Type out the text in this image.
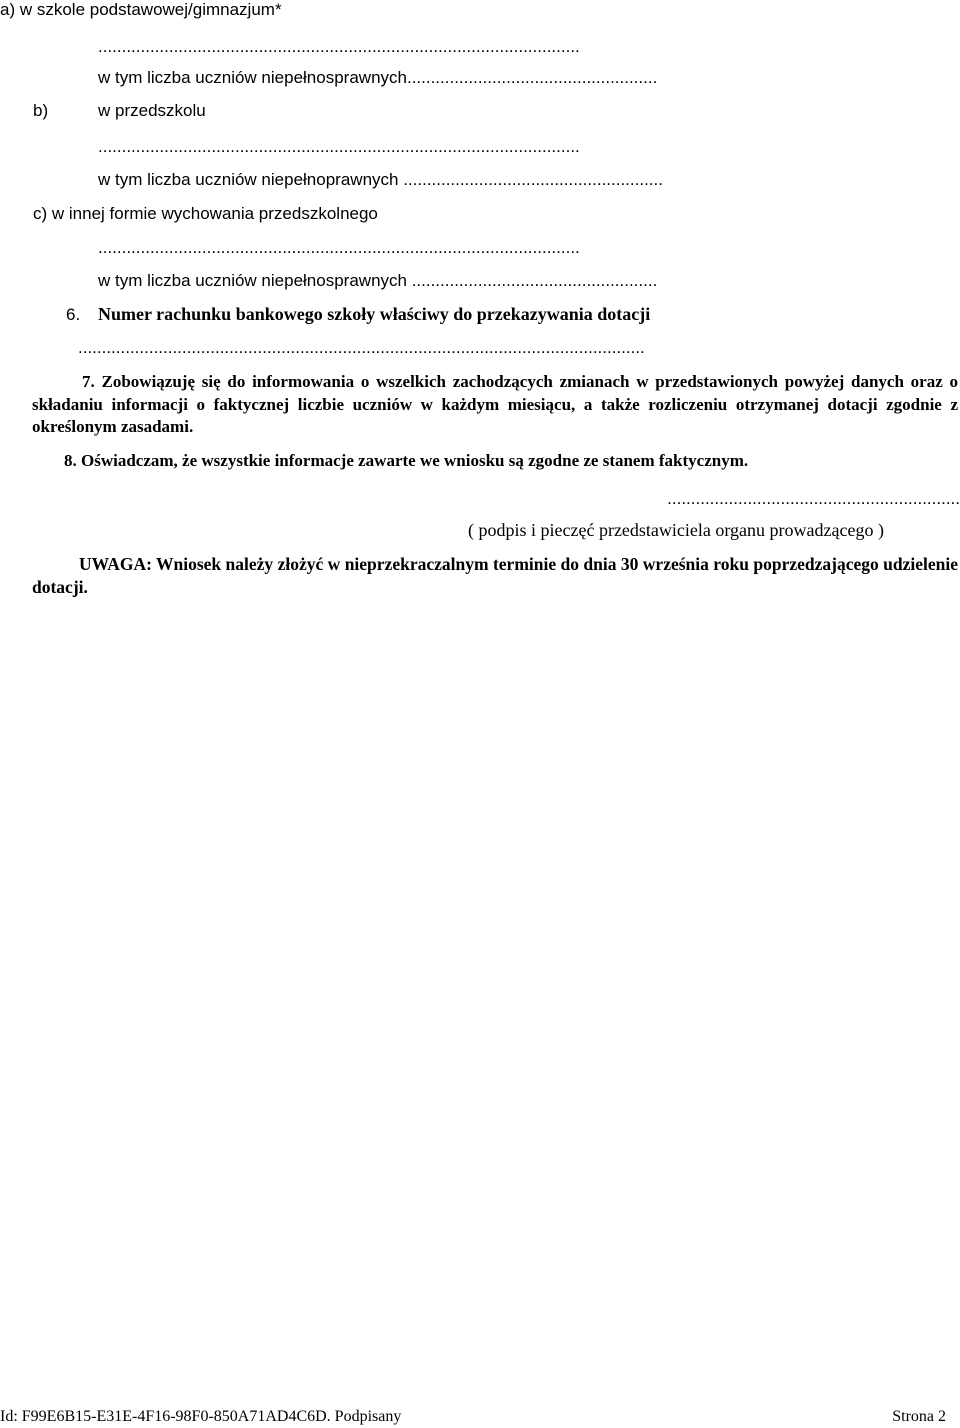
a) w szkole podstawowej/gimnazjum*
......................................................................................................
w tym liczba uczniów niepełnosprawnych.....................................................
b)	w przedszkolu
......................................................................................................
w tym liczba uczniów niepełnoprawnych .......................................................
c) w innej formie wychowania przedszkolnego
......................................................................................................
w tym liczba uczniów niepełnosprawnych ....................................................
6. Numer rachunku bankowego szkoły właściwy do przekazywania dotacji
........................................................................................................................
7. Zobowiązuję się do informowania o wszelkich zachodzących zmianach w przedstawionych powyżej danych oraz o składaniu informacji o faktycznej liczbie uczniów w każdym miesiącu, a także rozliczeniu otrzymanej dotacji zgodnie z określonym zasadami.
8. Oświadczam, że wszystkie informacje zawarte we wniosku są zgodne ze stanem faktycznym.
..............................................................
( podpis i pieczęć przedstawiciela organu prowadzącego )
UWAGA: Wniosek należy złożyć w nieprzekraczalnym terminie do dnia 30 września roku poprzedzającego udzielenie dotacji.
Id: F99E6B15-E31E-4F16-98F0-850A71AD4C6D. Podpisany	Strona 2
